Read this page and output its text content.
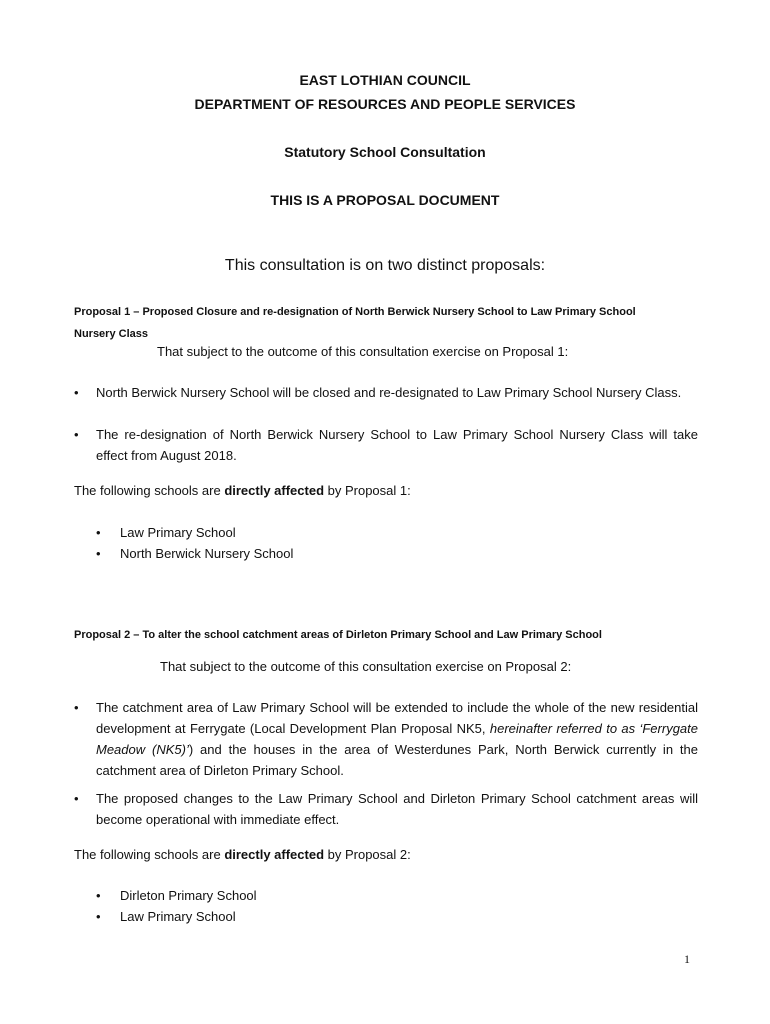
EAST LOTHIAN COUNCIL
DEPARTMENT OF RESOURCES AND PEOPLE SERVICES
Statutory School Consultation
THIS IS A PROPOSAL DOCUMENT
This consultation is on two distinct proposals:
Proposal 1 – Proposed Closure and re-designation of North Berwick Nursery School to Law Primary School
Nursery Class
That subject to the outcome of this consultation exercise on Proposal 1:
• North Berwick Nursery School will be closed and re-designated to Law Primary School Nursery Class.
• The re-designation of North Berwick Nursery School to Law Primary School Nursery Class will take effect from August 2018.
The following schools are directly affected by Proposal 1:
• Law Primary School
• North Berwick Nursery School
Proposal 2 – To alter the school catchment areas of Dirleton Primary School and Law Primary School
That subject to the outcome of this consultation exercise on Proposal 2:
• The catchment area of Law Primary School will be extended to include the whole of the new residential development at Ferrygate (Local Development Plan Proposal NK5, hereinafter referred to as ‘Ferrygate Meadow (NK5)’) and the houses in the area of Westerdunes Park, North Berwick currently in the catchment area of Dirleton Primary School.
• The proposed changes to the Law Primary School and Dirleton Primary School catchment areas will become operational with immediate effect.
The following schools are directly affected by Proposal 2:
• Dirleton Primary School
• Law Primary School
1
